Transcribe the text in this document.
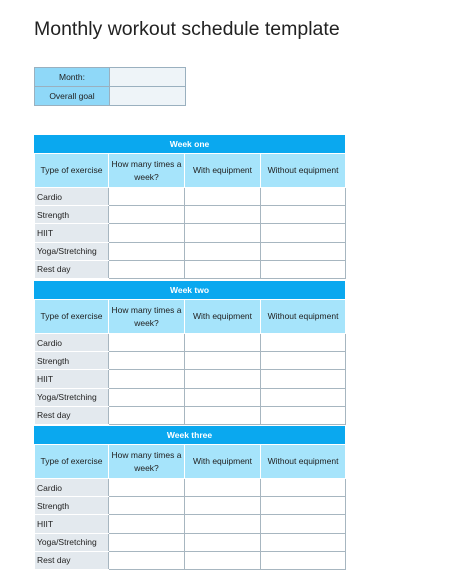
Monthly workout schedule template
Month:	
Overall goal	
Week one
Type of exercise	How many times a week?	With equipment	Without equipment
Cardio			
Strength			
HIIT			
Yoga/Stretching			
Rest day			
Week two
Type of exercise	How many times a week?	With equipment	Without equipment
Cardio			
Strength			
HIIT			
Yoga/Stretching			
Rest day			
Week three
Type of exercise	How many times a week?	With equipment	Without equipment
Cardio			
Strength			
HIIT			
Yoga/Stretching			
Rest day			
